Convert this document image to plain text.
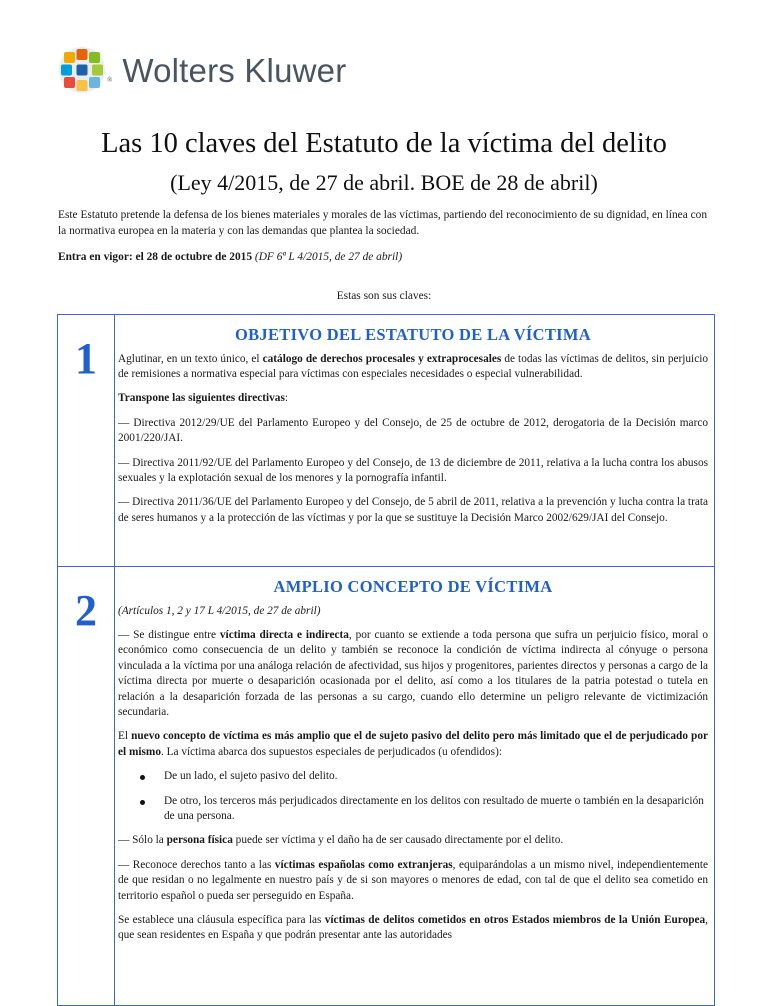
® Wolters Kluwer
Las 10 claves del Estatuto de la víctima del delito
(Ley 4/2015, de 27 de abril. BOE de 28 de abril)

Este Estatuto pretende la defensa de los bienes materiales y morales de las víctimas, partiendo del reconocimiento de su dignidad, en línea con la normativa europea en la materia y con las demandas que plantea la sociedad.

Entra en vigor: el 28 de octubre de 2015 (DF 6ª L 4/2015, de 27 de abril)

Estas son sus claves:
1	OBJETIVO DEL ESTATUTO DE LA VÍCTIMA

Aglutinar, en un texto único, el catálogo de derechos procesales y extraprocesales de todas las víctimas de delitos, sin perjuicio de remisiones a normativa especial para víctimas con especiales necesidades o especial vulnerabilidad.

Transpone las siguientes directivas:

— Directiva 2012/29/UE del Parlamento Europeo y del Consejo, de 25 de octubre de 2012, derogatoria de la Decisión marco 2001/220/JAI.

— Directiva 2011/92/UE del Parlamento Europeo y del Consejo, de 13 de diciembre de 2011, relativa a la lucha contra los abusos sexuales y la explotación sexual de los menores y la pornografía infantil.

— Directiva 2011/36/UE del Parlamento Europeo y del Consejo, de 5 abril de 2011, relativa a la prevención y lucha contra la trata de seres humanos y a la protección de las víctimas y por la que se sustituye la Decisión Marco 2002/629/JAI del Consejo.

2	AMPLIO CONCEPTO DE VÍCTIMA

(Artículos 1, 2 y 17 L 4/2015, de 27 de abril)

— Se distingue entre víctima directa e indirecta, por cuanto se extiende a toda persona que sufra un perjuicio físico, moral o económico como consecuencia de un delito y también se reconoce la condición de víctima indirecta al cónyuge o persona vinculada a la víctima por una análoga relación de afectividad, sus hijos y progenitores, parientes directos y personas a cargo de la víctima directa por muerte o desaparición ocasionada por el delito, así como a los titulares de la patria potestad o tutela en relación a la desaparición forzada de las personas a su cargo, cuando ello determine un peligro relevante de victimización secundaria.

El nuevo concepto de víctima es más amplio que el de sujeto pasivo del delito pero más limitado que el de perjudicado por el mismo. La víctima abarca dos supuestos especiales de perjudicados (u ofendidos):

De un lado, el sujeto pasivo del delito.
De otro, los terceros más perjudicados directamente en los delitos con resultado de muerte o también en la desaparición de una persona.

— Sólo la persona física puede ser víctima y el daño ha de ser causado directamente por el delito.

— Reconoce derechos tanto a las víctimas españolas como extranjeras, equiparándolas a un mismo nivel, independientemente de que residan o no legalmente en nuestro país y de si son mayores o menores de edad, con tal de que el delito sea cometido en territorio español o pueda ser perseguido en España.

Se establece una cláusula específica para las víctimas de delitos cometidos en otros Estados miembros de la Unión Europea, que sean residentes en España y que podrán presentar ante las autoridades
